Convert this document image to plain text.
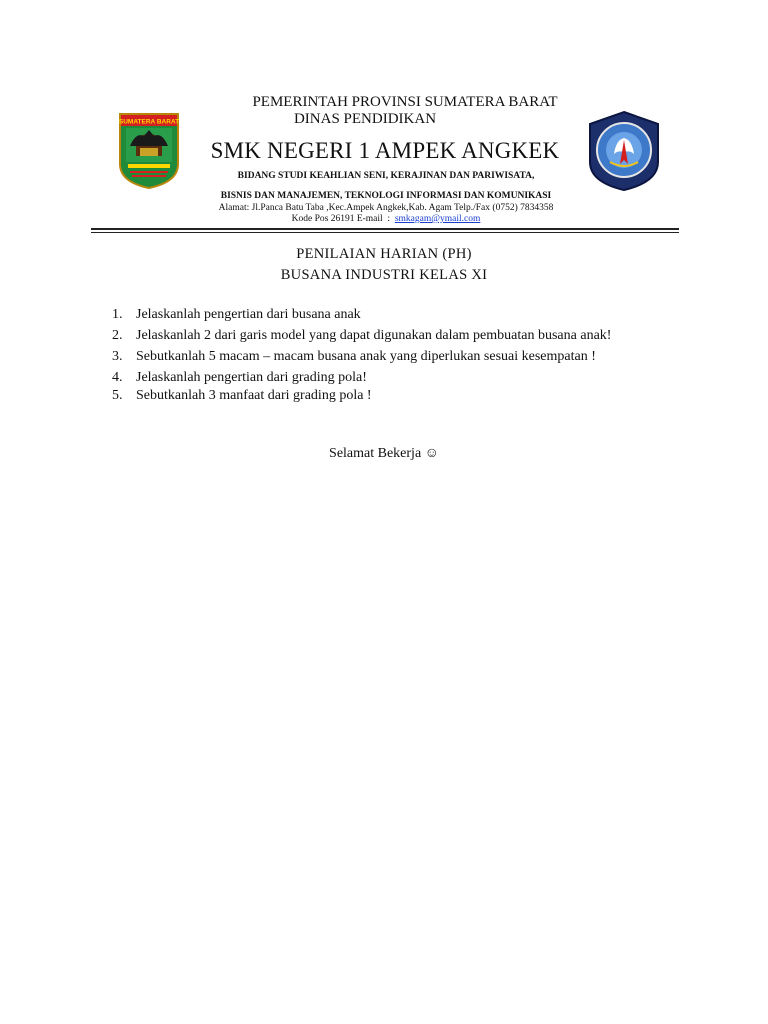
SUMATERA BARAT
PEMERINTAH PROVINSI SUMATERA BARAT
DINAS PENDIDIKAN
SMK NEGERI 1 AMPEK ANGKEK
BIDANG STUDI KEAHLIAN SENI, KERAJINAN DAN PARIWISATA,
BISNIS DAN MANAJEMEN, TEKNOLOGI INFORMASI DAN KOMUNIKASI
Alamat: Jl.Panca Batu Taba ,Kec.Ampek Angkek,Kab. Agam Telp./Fax (0752) 7834358
Kode Pos 26191 E-mail  :  smkagam@ymail.com
PENILAIAN HARIAN (PH)
BUSANA INDUSTRI KELAS XI
1. Jelaskanlah pengertian dari busana anak
2. Jelaskanlah 2 dari garis model yang dapat digunakan dalam pembuatan busana anak!
3. Sebutkanlah 5 macam – macam busana anak yang diperlukan sesuai kesempatan !
4. Jelaskanlah pengertian dari grading pola!
5. Sebutkanlah 3 manfaat dari grading pola !
Selamat Bekerja ☺
